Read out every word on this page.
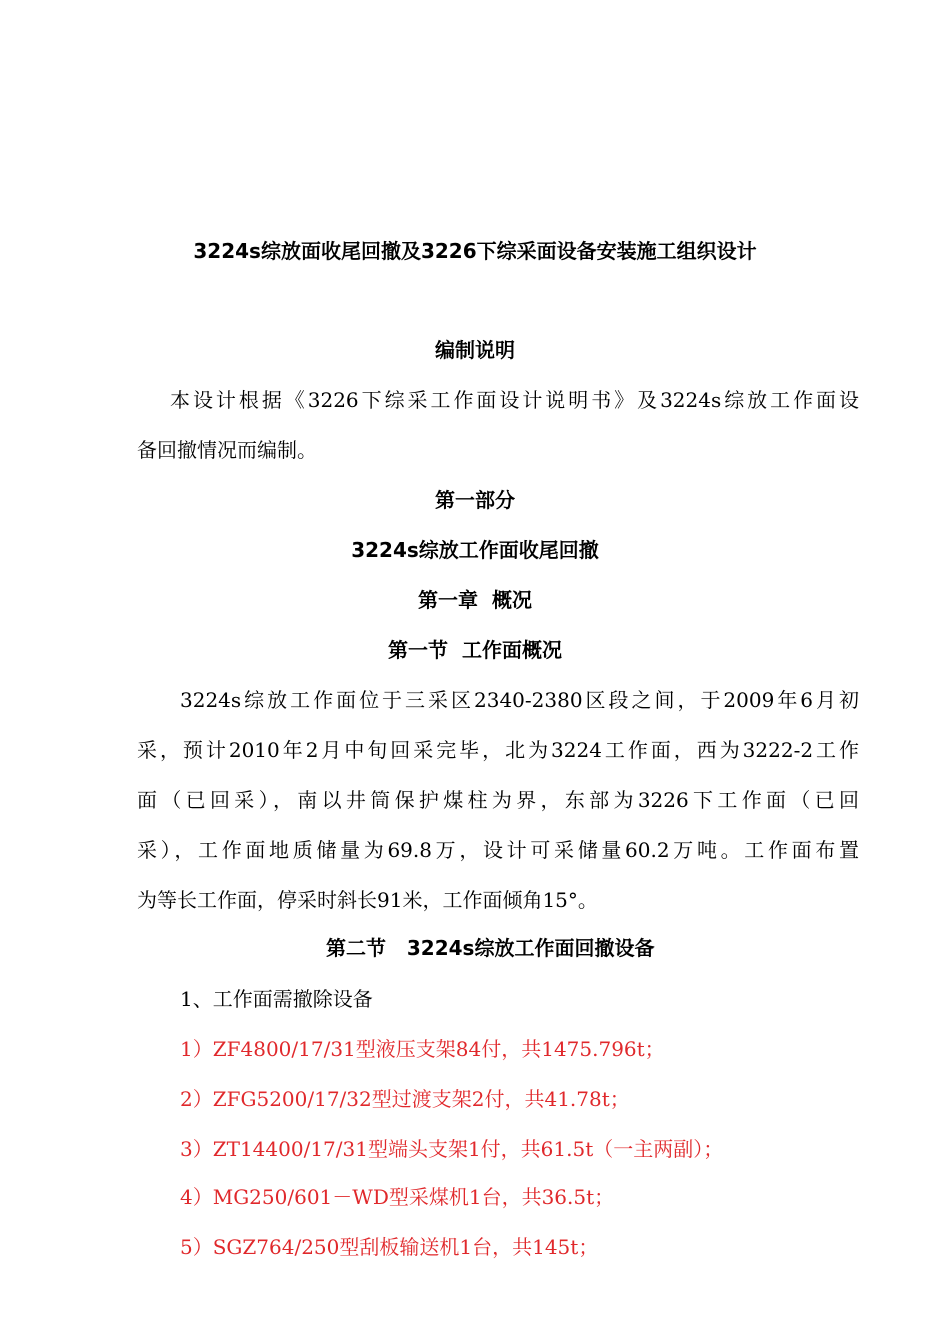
3224s综放面收尾回撤及3226下综采面设备安装施工组织设计
编制说明
本设计根据《3226下综采工作面设计说明书》及3224s综放工作面设
备回撤情况而编制。
第一部分
3224s综放工作面收尾回撤
第一章  概况
第一节  工作面概况
3224s综放工作面位于三采区2340-2380区段之间，于2009年6月初
采，预计2010年2月中旬回采完毕，北为3224工作面，西为3222-2工作
面（已回采），南以井筒保护煤柱为界，东部为3226下工作面（已回
采），工作面地质储量为69.8万，设计可采储量60.2万吨。工作面布置
为等长工作面，停采时斜长91米，工作面倾角15°。
第二节   3224s综放工作面回撤设备
1、工作面需撤除设备
1）ZF4800/17/31型液压支架84付，共1475.796t；
2）ZFG5200/17/32型过渡支架2付，共41.78t；
3）ZT14400/17/31型端头支架1付，共61.5t（一主两副）；
4）MG250/601－WD型采煤机1台，共36.5t；
5）SGZ764/250型刮板输送机1台，共145t；
